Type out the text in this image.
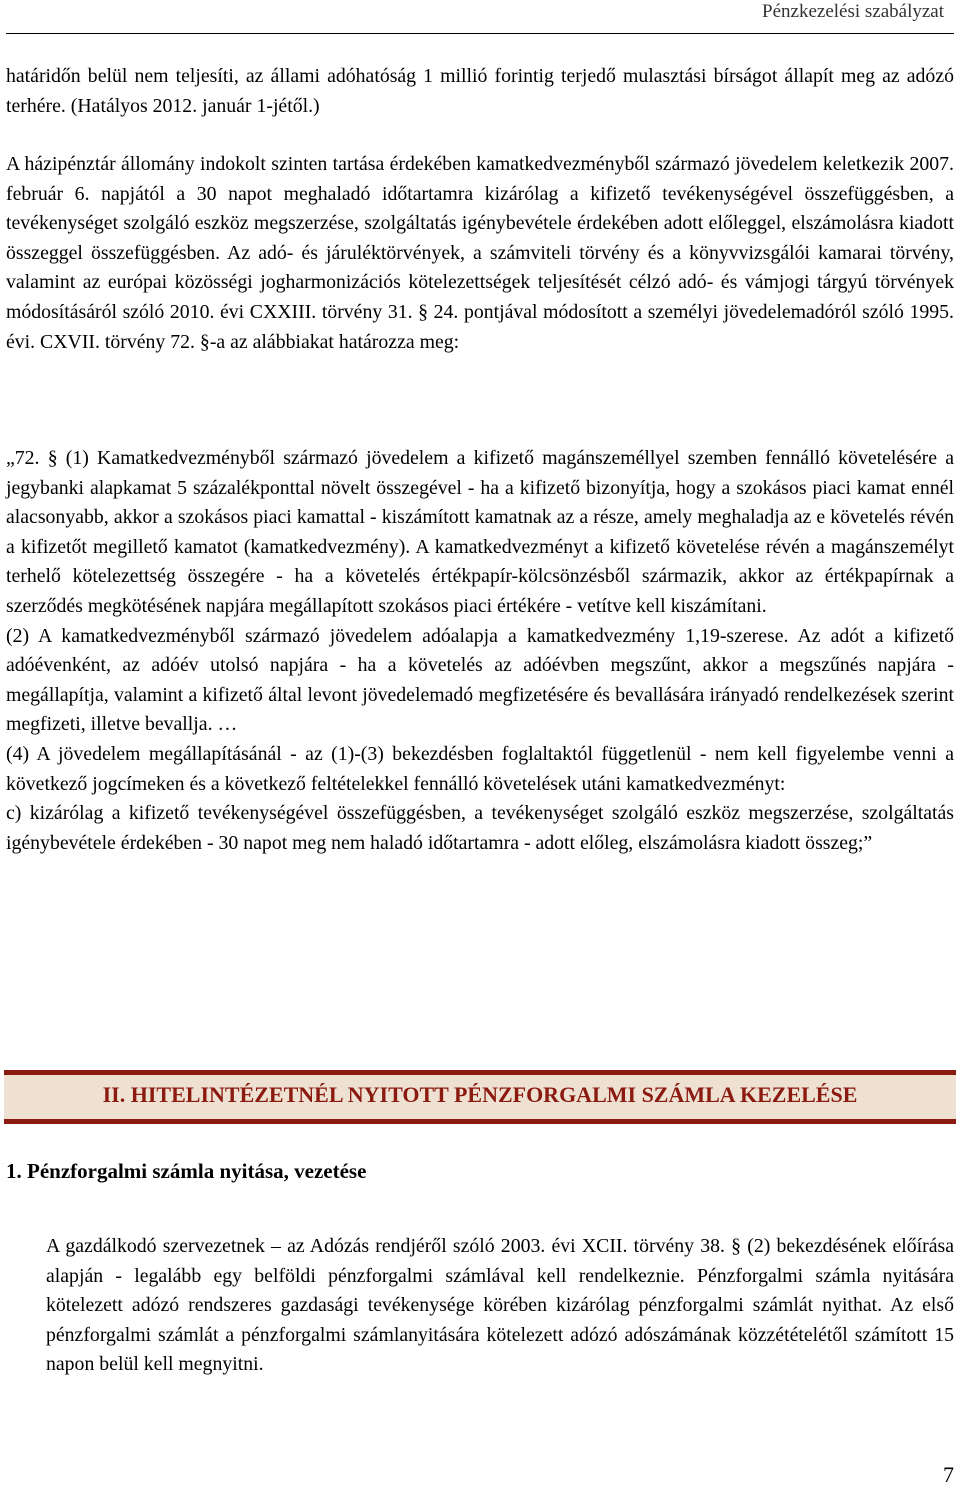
Pénzkezelési szabályzat

határidőn belül nem teljesíti, az állami adóhatóság 1 millió forintig terjedő mulasztási bírságot állapít meg az adózó terhére. (Hatályos 2012. január 1-jétől.)

A házipénztár állomány indokolt szinten tartása érdekében kamatkedvezményből származó jövedelem keletkezik 2007. február 6. napjától a 30 napot meghaladó időtartamra kizárólag a kifizető tevékenységével összefüggésben, a tevékenységet szolgáló eszköz megszerzése, szolgáltatás igénybevétele érdekében adott előleggel, elszámolásra kiadott összeggel összefüggésben. Az adó- és járuléktörvények, a számviteli törvény és a könyvvizsgálói kamarai törvény, valamint az európai közösségi jogharmonizációs kötelezettségek teljesítését célzó adó- és vámjogi tárgyú törvények módosításáról szóló 2010. évi CXXIII. törvény 31. § 24. pontjával módosított a személyi jövedelemadóról szóló 1995. évi. CXVII. törvény 72. §-a az alábbiakat határozza meg:

„72. § (1) Kamatkedvezményből származó jövedelem a kifizető magánszeméllyel szemben fennálló követelésére a jegybanki alapkamat 5 százalékponttal növelt összegével - ha a kifizető bizonyítja, hogy a szokásos piaci kamat ennél alacsonyabb, akkor a szokásos piaci kamattal - kiszámított kamatnak az a része, amely meghaladja az e követelés révén a kifizetőt megillető kamatot (kamatkedvezmény). A kamatkedvezményt a kifizető követelése révén a magánszemélyt terhelő kötelezettség összegére - ha a követelés értékpapír-kölcsönzésből származik, akkor az értékpapírnak a szerződés megkötésének napjára megállapított szokásos piaci értékére - vetítve kell kiszámítani.

(2) A kamatkedvezményből származó jövedelem adóalapja a kamatkedvezmény 1,19-szerese. Az adót a kifizető adóévenként, az adóév utolsó napjára - ha a követelés az adóévben megszűnt, akkor a megszűnés napjára - megállapítja, valamint a kifizető által levont jövedelemadó megfizetésére és bevallására irányadó rendelkezések szerint megfizeti, illetve bevallja. …

(4) A jövedelem megállapításánál - az (1)-(3) bekezdésben foglaltaktól függetlenül - nem kell figyelembe venni a következő jogcímeken és a következő feltételekkel fennálló követelések utáni kamatkedvezményt:

c) kizárólag a kifizető tevékenységével összefüggésben, a tevékenységet szolgáló eszköz megszerzése, szolgáltatás igénybevétele érdekében - 30 napot meg nem haladó időtartamra - adott előleg, elszámolásra kiadott összeg;”

II. HITELINTÉZETNÉL NYITOTT PÉNZFORGALMI SZÁMLA KEZELÉSE
1. Pénzforgalmi számla nyitása, vezetése

A gazdálkodó szervezetnek – az Adózás rendjéről szóló 2003. évi XCII. törvény 38. § (2) bekezdésének előírása alapján - legalább egy belföldi pénzforgalmi számlával kell rendelkeznie. Pénzforgalmi számla nyitására kötelezett adózó rendszeres gazdasági tevékenysége körében kizárólag pénzforgalmi számlát nyithat. Az első pénzforgalmi számlát a pénzforgalmi számlanyitására kötelezett adózó adószámának közzétételétől számított 15 napon belül kell megnyitni.

7
